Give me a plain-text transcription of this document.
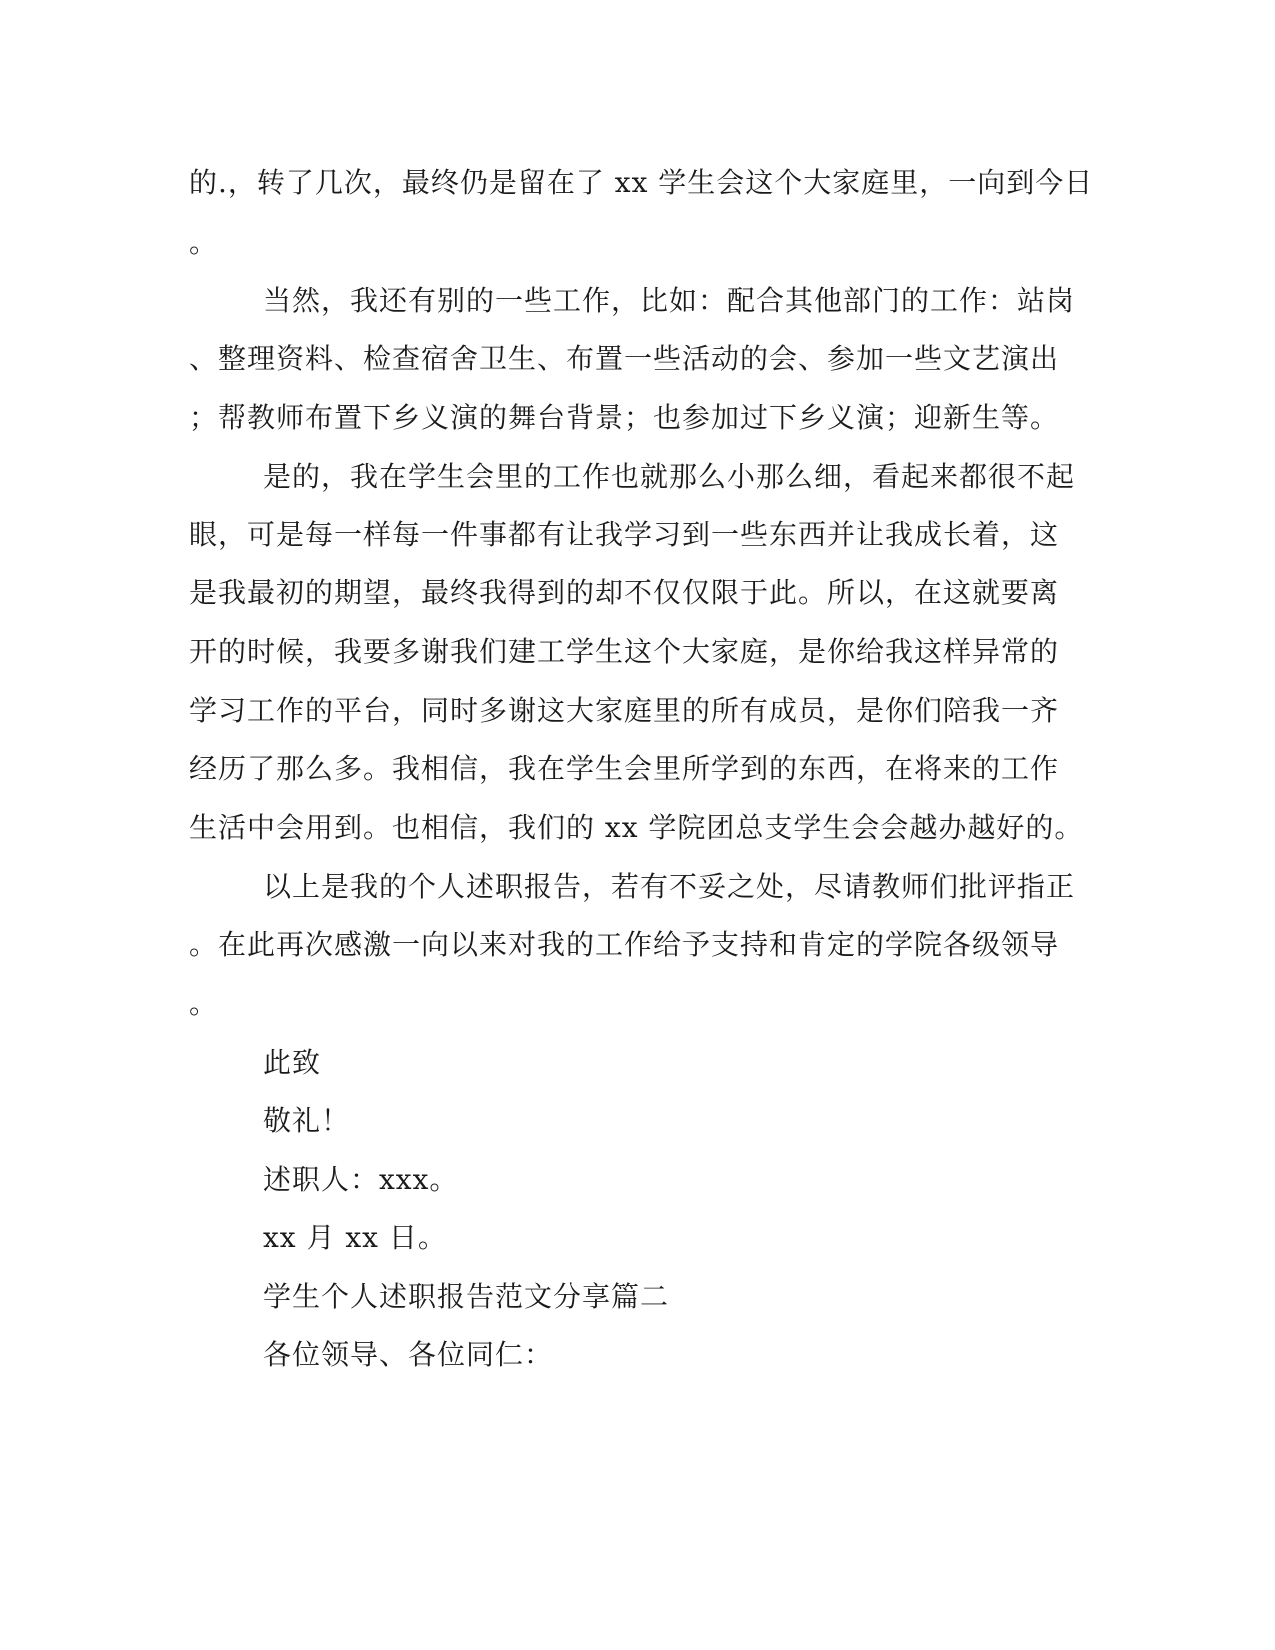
的.，转了几次，最终仍是留在了 xx 学生会这个大家庭里，一向到今日
。
当然，我还有别的一些工作，比如：配合其他部门的工作：站岗
、整理资料、检查宿舍卫生、布置一些活动的会、参加一些文艺演出
；帮教师布置下乡义演的舞台背景；也参加过下乡义演；迎新生等。
是的，我在学生会里的工作也就那么小那么细，看起来都很不起
眼，可是每一样每一件事都有让我学习到一些东西并让我成长着，这
是我最初的期望，最终我得到的却不仅仅限于此。所以，在这就要离
开的时候，我要多谢我们建工学生这个大家庭，是你给我这样异常的
学习工作的平台，同时多谢这大家庭里的所有成员，是你们陪我一齐
经历了那么多。我相信，我在学生会里所学到的东西，在将来的工作
生活中会用到。也相信，我们的 xx 学院团总支学生会会越办越好的。
以上是我的个人述职报告，若有不妥之处，尽请教师们批评指正
。在此再次感激一向以来对我的工作给予支持和肯定的学院各级领导
。
此致
敬礼！
述职人：xxx。
xx 月 xx 日。
学生个人述职报告范文分享篇二
各位领导、各位同仁：
